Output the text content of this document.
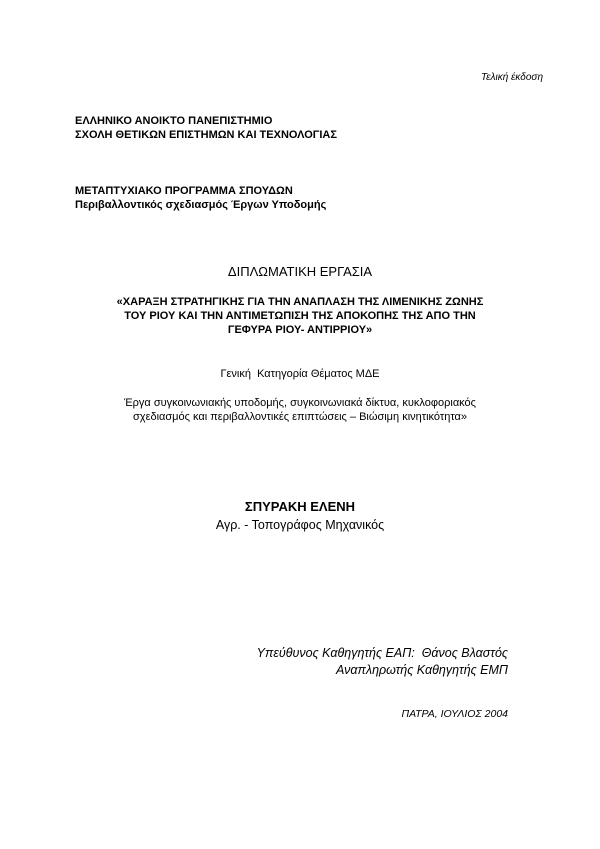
Τελική έκδοση
ΕΛΛΗΝΙΚΟ ΑΝΟΙΚΤΟ ΠΑΝΕΠΙΣΤΗΜΙΟ
ΣΧΟΛΗ ΘΕΤΙΚΩΝ ΕΠΙΣΤΗΜΩΝ ΚΑΙ ΤΕΧΝΟΛΟΓΙΑΣ
ΜΕΤΑΠΤΥΧΙΑΚΟ ΠΡΟΓΡΑΜΜΑ ΣΠΟΥΔΩΝ
Περιβαλλοντικός σχεδιασμός Έργων Υποδομής
ΔΙΠΛΩΜΑΤΙΚΗ ΕΡΓΑΣΙΑ
«ΧΑΡΑΞΗ ΣΤΡΑΤΗΓΙΚΗΣ ΓΙΑ ΤΗΝ ΑΝΑΠΛΑΣΗ ΤΗΣ ΛΙΜΕΝΙΚΗΣ ΖΩΝΗΣ
ΤΟΥ ΡΙΟΥ ΚΑΙ ΤΗΝ ΑΝΤΙΜΕΤΩΠΙΣΗ ΤΗΣ ΑΠΟΚΟΠΗΣ ΤΗΣ ΑΠΟ ΤΗΝ
ΓΕΦΥΡΑ ΡΙΟΥ- ΑΝΤΙΡΡΙΟΥ»
Γενική  Κατηγορία Θέματος ΜΔΕ
Έργα συγκοινωνιακής υποδομής, συγκοινωνιακά δίκτυα, κυκλοφοριακός
σχεδιασμός και περιβαλλοντικές επιπτώσεις – Βιώσιμη κινητικότητα»
ΣΠΥΡΑΚΗ ΕΛΕΝΗ
Αγρ. - Τοπογράφος Μηχανικός
Υπεύθυνος Καθηγητής ΕΑΠ:  Θάνος Βλαστός
Αναπληρωτής Καθηγητής ΕΜΠ
ΠΑΤΡΑ, ΙΟΥΛΙΟΣ 2004
